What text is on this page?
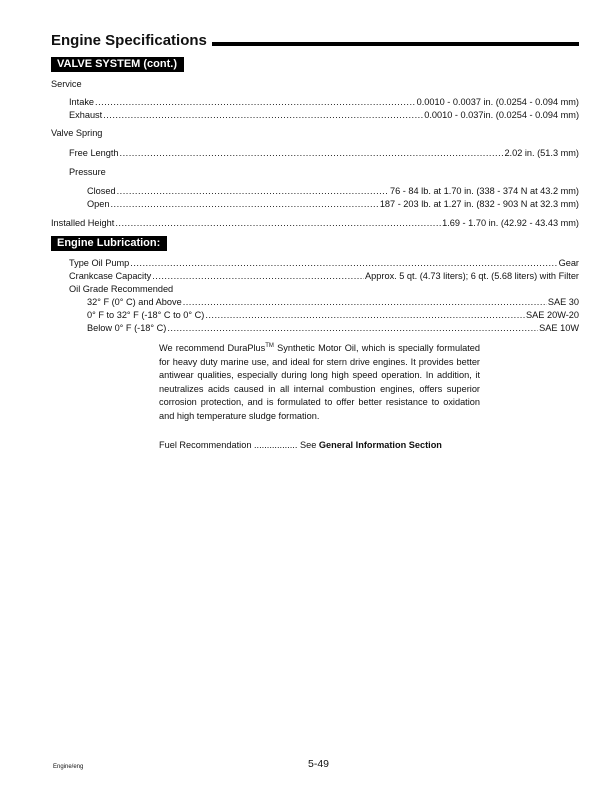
Engine Specifications
VALVE SYSTEM (cont.)
Service
Intake .....	0.0010 - 0.0037 in. (0.0254 - 0.094 mm)
Exhaust .....	0.0010 - 0.037in. (0.0254 - 0.094 mm)
Valve Spring
Free Length .....	2.02 in. (51.3 mm)
Pressure
Closed .....	76 - 84 lb. at 1.70 in. (338 - 374 N at 43.2 mm)
Open .....	187 - 203 lb. at 1.27 in. (832 - 903 N at 32.3 mm)
Installed Height .....	1.69 - 1.70 in. (42.92 - 43.43 mm)
Engine Lubrication:
Type Oil Pump .....	Gear
Crankcase Capacity .....	Approx. 5 qt. (4.73 liters); 6 qt. (5.68 liters) with Filter
Oil Grade Recommended
32° F (0° C) and Above .....	SAE 30
0° F to 32° F (-18° C to 0° C) .....	SAE 20W-20
Below 0° F (-18° C) .....	SAE 10W
We recommend DuraPlus™ Synthetic Motor Oil, which is specially formulated for heavy duty marine use, and ideal for stern drive engines. It provides better antiwear qualities, especially during long high speed operation. In addition, it neutralizes acids caused in all internal combustion engines, offers superior corrosion protection, and is formulated to offer better resistance to oxidation and high temperature sludge formation.
Fuel Recommendation ................. See General Information Section
Engine/eng	5-49
